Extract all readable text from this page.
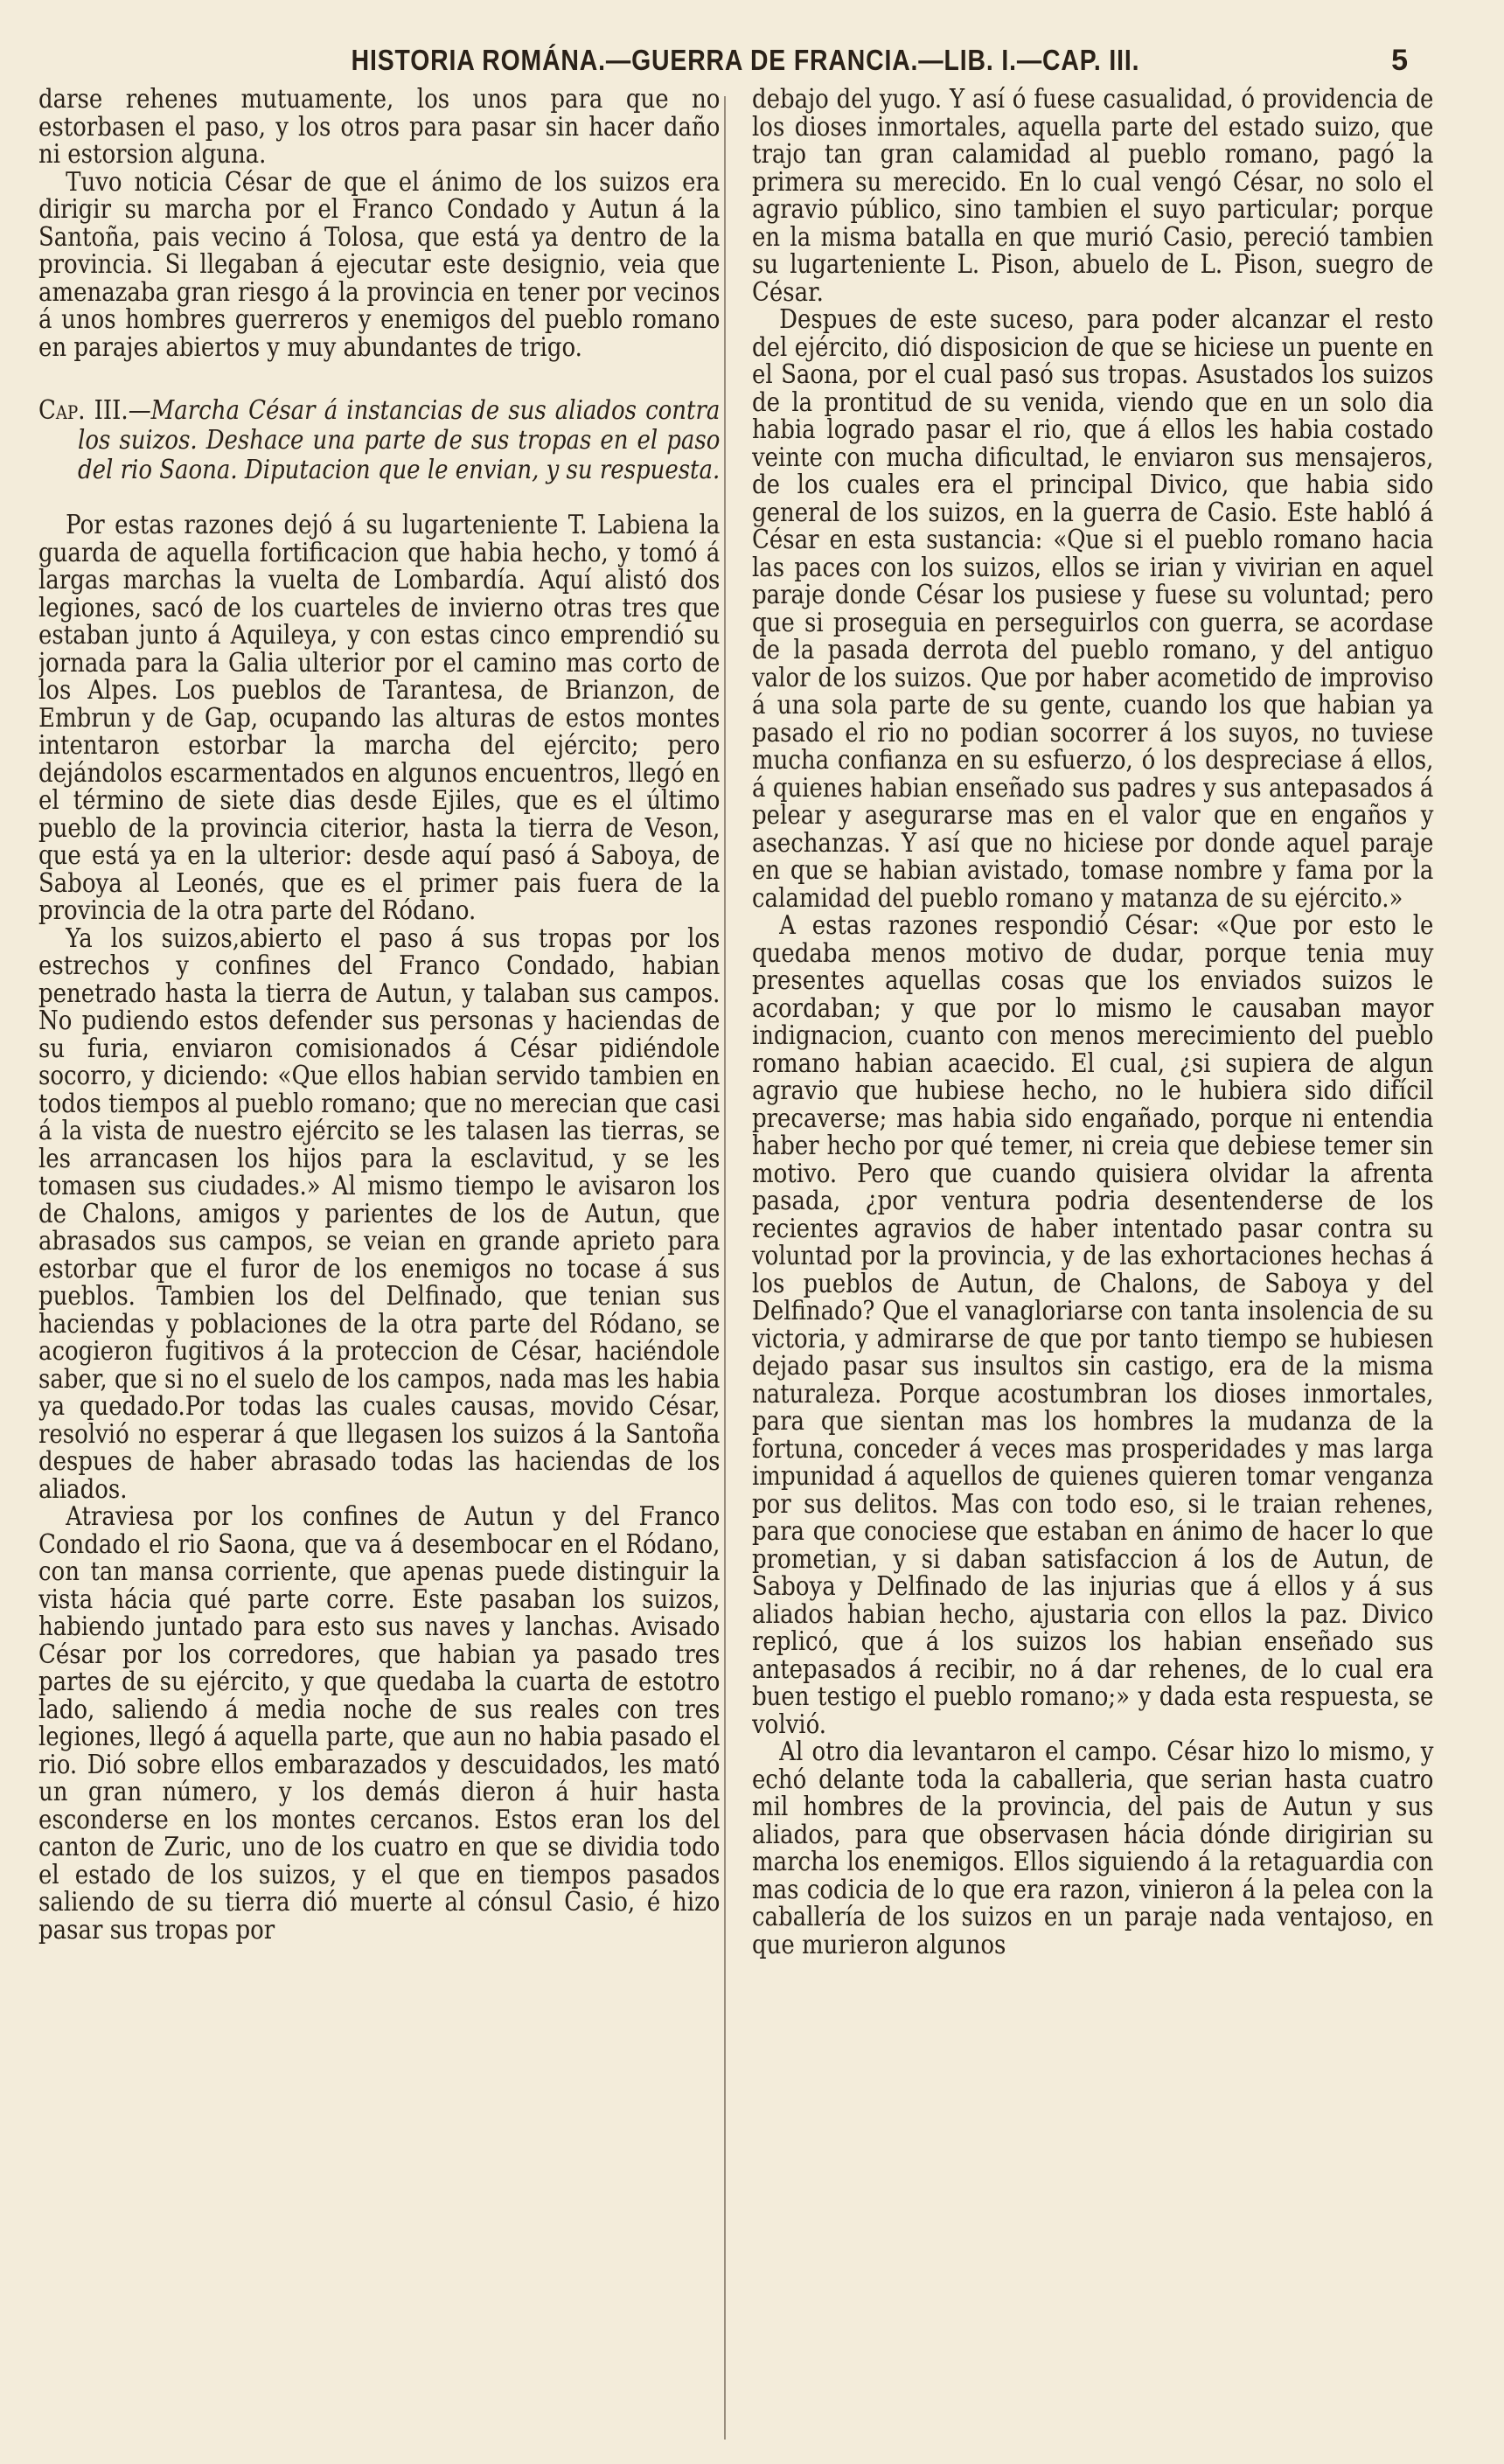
HISTORIA ROMÁNA.—GUERRA DE FRANCIA.—LIB. I.—CAP. III.	5

darse rehenes mutuamente, los unos para que no estorbasen el paso, y los otros para pasar sin hacer daño ni estorsion alguna.

Tuvo noticia César de que el ánimo de los suizos era dirigir su marcha por el Franco Condado y Autun á la Santoña, pais vecino á Tolosa, que está ya dentro de la provincia. Si llegaban á ejecutar este designio, veia que amenazaba gran riesgo á la provincia en tener por vecinos á unos hombres guerreros y enemigos del pueblo romano en parajes abiertos y muy abundantes de trigo.

Cap. III.—Marcha César á instancias de sus aliados contra los suizos. Deshace una parte de sus tropas en el paso del rio Saona. Diputacion que le envian, y su respuesta.

Por estas razones dejó á su lugarteniente T. Labiena la guarda de aquella fortificacion que habia hecho, y tomó á largas marchas la vuelta de Lombardía. Aquí alistó dos legiones, sacó de los cuarteles de invierno otras tres que estaban junto á Aquileya, y con estas cinco emprendió su jornada para la Galia ulterior por el camino mas corto de los Alpes. Los pueblos de Tarantesa, de Brianzon, de Embrun y de Gap, ocupando las alturas de estos montes intentaron estorbar la marcha del ejército; pero dejándolos escarmentados en algunos encuentros, llegó en el término de siete dias desde Ejiles, que es el último pueblo de la provincia citerior, hasta la tierra de Veson, que está ya en la ulterior: desde aquí pasó á Saboya, de Saboya al Leonés, que es el primer pais fuera de la provincia de la otra parte del Ródano.

Ya los suizos,abierto el paso á sus tropas por los estrechos y confines del Franco Condado, habian penetrado hasta la tierra de Autun, y talaban sus campos. No pudiendo estos defender sus personas y haciendas de su furia, enviaron comisionados á César pidiéndole socorro, y diciendo: «Que ellos habian servido tambien en todos tiempos al pueblo romano; que no merecian que casi á la vista de nuestro ejército se les talasen las tierras, se les arrancasen los hijos para la esclavitud, y se les tomasen sus ciudades.» Al mismo tiempo le avisaron los de Chalons, amigos y parientes de los de Autun, que abrasados sus campos, se veian en grande aprieto para estorbar que el furor de los enemigos no tocase á sus pueblos. Tambien los del Delfinado, que tenian sus haciendas y poblaciones de la otra parte del Ródano, se acogieron fugitivos á la proteccion de César, haciéndole saber, que si no el suelo de los campos, nada mas les habia ya quedado.Por todas las cuales causas, movido César, resolvió no esperar á que llegasen los suizos á la Santoña despues de haber abrasado todas las haciendas de los aliados.

Atraviesa por los confines de Autun y del Franco Condado el rio Saona, que va á desembocar en el Ródano, con tan mansa corriente, que apenas puede distinguir la vista hácia qué parte corre. Este pasaban los suizos, habiendo juntado para esto sus naves y lanchas. Avisado César por los corredores, que habian ya pasado tres partes de su ejército, y que quedaba la cuarta de estotro lado, saliendo á media noche de sus reales con tres legiones, llegó á aquella parte, que aun no habia pasado el rio. Dió sobre ellos embarazados y descuidados, les mató un gran número, y los demás dieron á huir hasta esconderse en los montes cercanos. Estos eran los del canton de Zuric, uno de los cuatro en que se dividia todo el estado de los suizos, y el que en tiempos pasados saliendo de su tierra dió muerte al cónsul Casio, é hizo pasar sus tropas por

debajo del yugo. Y así ó fuese casualidad, ó providencia de los dioses inmortales, aquella parte del estado suizo, que trajo tan gran calamidad al pueblo romano, pagó la primera su merecido. En lo cual vengó César, no solo el agravio público, sino tambien el suyo particular; porque en la misma batalla en que murió Casio, pereció tambien su lugarteniente L. Pison, abuelo de L. Pison, suegro de César.

Despues de este suceso, para poder alcanzar el resto del ejército, dió disposicion de que se hiciese un puente en el Saona, por el cual pasó sus tropas. Asustados los suizos de la prontitud de su venida, viendo que en un solo dia habia logrado pasar el rio, que á ellos les habia costado veinte con mucha dificultad, le enviaron sus mensajeros, de los cuales era el principal Divico, que habia sido general de los suizos, en la guerra de Casio. Este habló á César en esta sustancia: «Que si el pueblo romano hacia las paces con los suizos, ellos se irian y vivirian en aquel paraje donde César los pusiese y fuese su voluntad; pero que si proseguia en perseguirlos con guerra, se acordase de la pasada derrota del pueblo romano, y del antiguo valor de los suizos. Que por haber acometido de improviso á una sola parte de su gente, cuando los que habian ya pasado el rio no podian socorrer á los suyos, no tuviese mucha confianza en su esfuerzo, ó los despreciase á ellos, á quienes habian enseñado sus padres y sus antepasados á pelear y asegurarse mas en el valor que en engaños y asechanzas. Y así que no hiciese por donde aquel paraje en que se habian avistado, tomase nombre y fama por la calamidad del pueblo romano y matanza de su ejército.»

A estas razones respondió César: «Que por esto le quedaba menos motivo de dudar, porque tenia muy presentes aquellas cosas que los enviados suizos le acordaban; y que por lo mismo le causaban mayor indignacion, cuanto con menos merecimiento del pueblo romano habian acaecido. El cual, ¿si supiera de algun agravio que hubiese hecho, no le hubiera sido difícil precaverse; mas habia sido engañado, porque ni entendia haber hecho por qué temer, ni creia que debiese temer sin motivo. Pero que cuando quisiera olvidar la afrenta pasada, ¿por ventura podria desentenderse de los recientes agravios de haber intentado pasar contra su voluntad por la provincia, y de las exhortaciones hechas á los pueblos de Autun, de Chalons, de Saboya y del Delfinado? Que el vanagloriarse con tanta insolencia de su victoria, y admirarse de que por tanto tiempo se hubiesen dejado pasar sus insultos sin castigo, era de la misma naturaleza. Porque acostumbran los dioses inmortales, para que sientan mas los hombres la mudanza de la fortuna, conceder á veces mas prosperidades y mas larga impunidad á aquellos de quienes quieren tomar venganza por sus delitos. Mas con todo eso, si le traian rehenes, para que conociese que estaban en ánimo de hacer lo que prometian, y si daban satisfaccion á los de Autun, de Saboya y Delfinado de las injurias que á ellos y á sus aliados habian hecho, ajustaria con ellos la paz. Divico replicó, que á los suizos los habian enseñado sus antepasados á recibir, no á dar rehenes, de lo cual era buen testigo el pueblo romano;» y dada esta respuesta, se volvió.

Al otro dia levantaron el campo. César hizo lo mismo, y echó delante toda la caballeria, que serian hasta cuatro mil hombres de la provincia, del pais de Autun y sus aliados, para que observasen hácia dónde dirigirian su marcha los enemigos. Ellos siguiendo á la retaguardia con mas codicia de lo que era razon, vinieron á la pelea con la caballería de los suizos en un paraje nada ventajoso, en que murieron algunos
